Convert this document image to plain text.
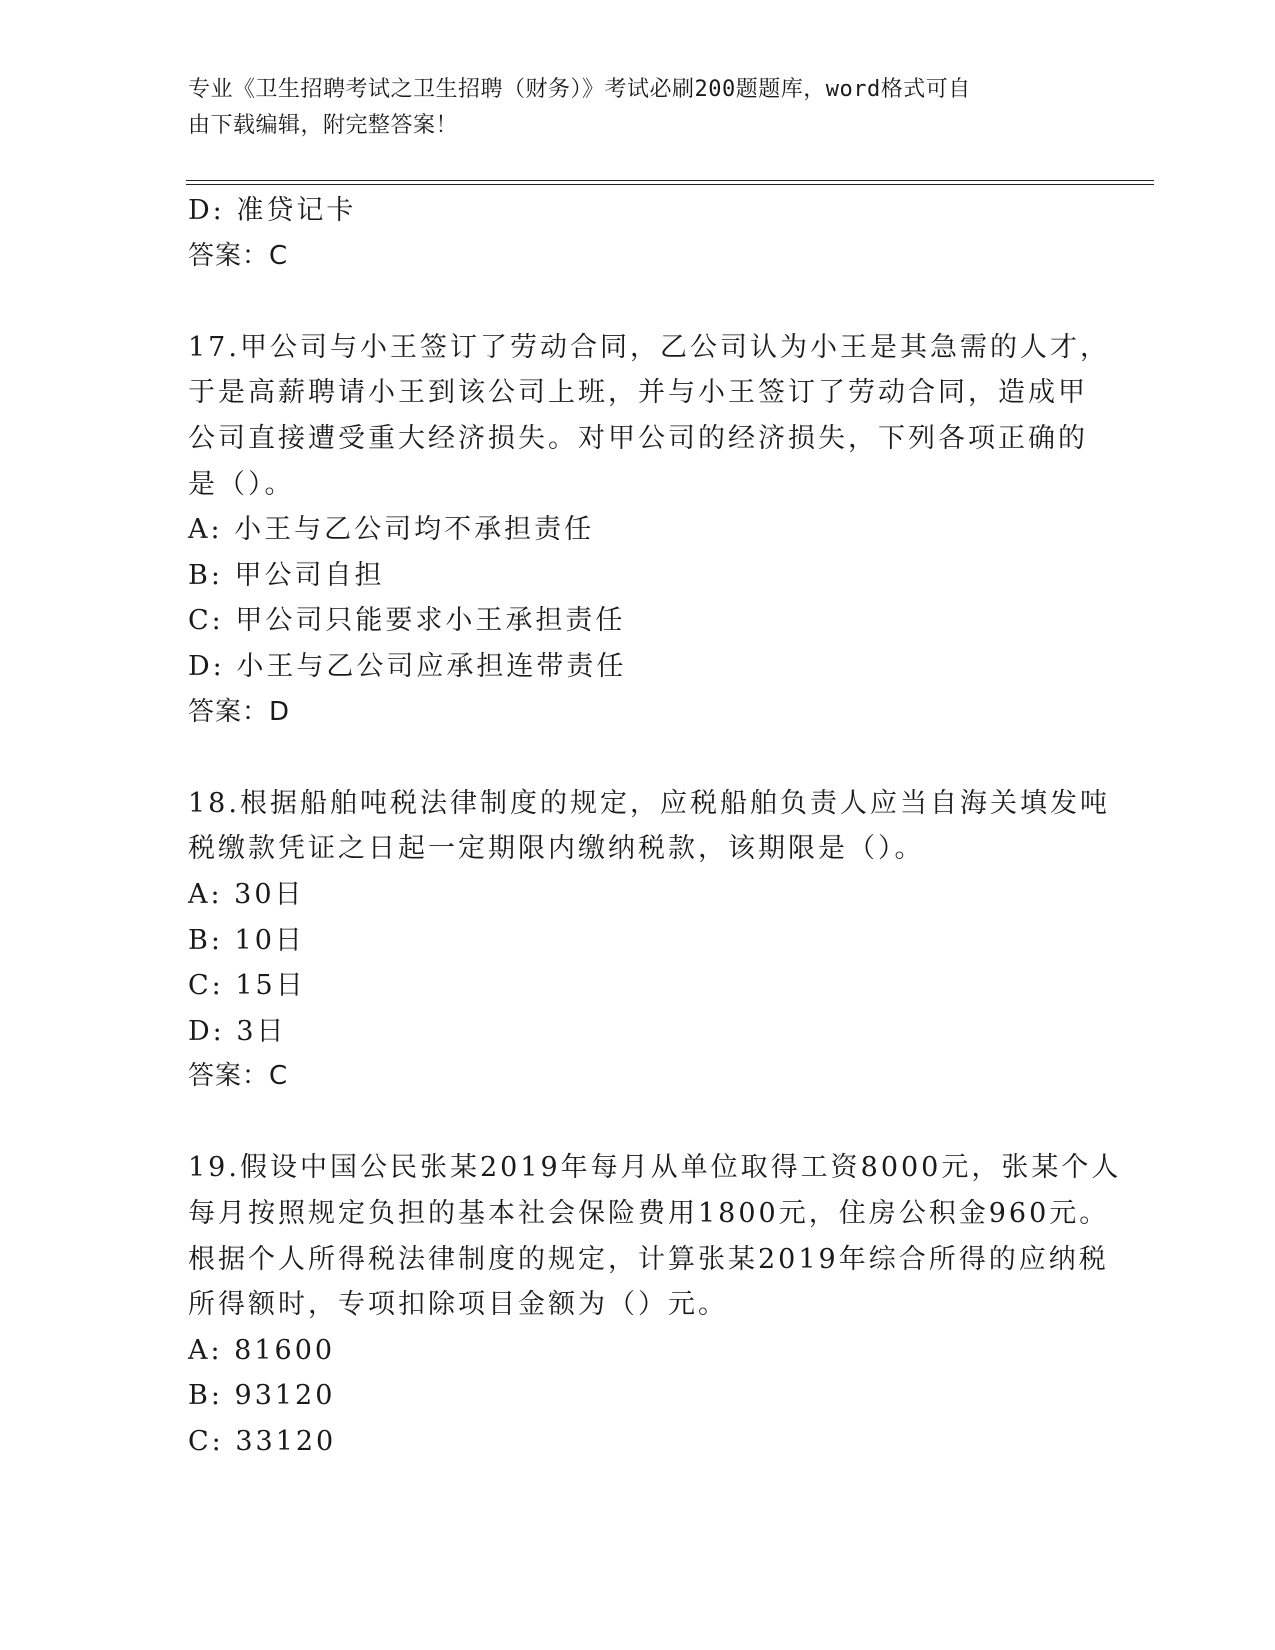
专业《卫生招聘考试之卫生招聘（财务）》考试必刷200题题库，word格式可自
由下载编辑，附完整答案！
D: 准贷记卡
答案：C
17.甲公司与小王签订了劳动合同，乙公司认为小王是其急需的人才，
于是高薪聘请小王到该公司上班，并与小王签订了劳动合同，造成甲
公司直接遭受重大经济损失。对甲公司的经济损失，下列各项正确的
是（）。
A: 小王与乙公司均不承担责任
B: 甲公司自担
C: 甲公司只能要求小王承担责任
D: 小王与乙公司应承担连带责任
答案：D
18.根据船舶吨税法律制度的规定，应税船舶负责人应当自海关填发吨
税缴款凭证之日起一定期限内缴纳税款，该期限是（）。
A: 30日
B: 10日
C: 15日
D: 3日
答案：C
19.假设中国公民张某2019年每月从单位取得工资8000元，张某个人
每月按照规定负担的基本社会保险费用1800元，住房公积金960元。
根据个人所得税法律制度的规定，计算张某2019年综合所得的应纳税
所得额时，专项扣除项目金额为（）元。
A: 81600
B: 93120
C: 33120
